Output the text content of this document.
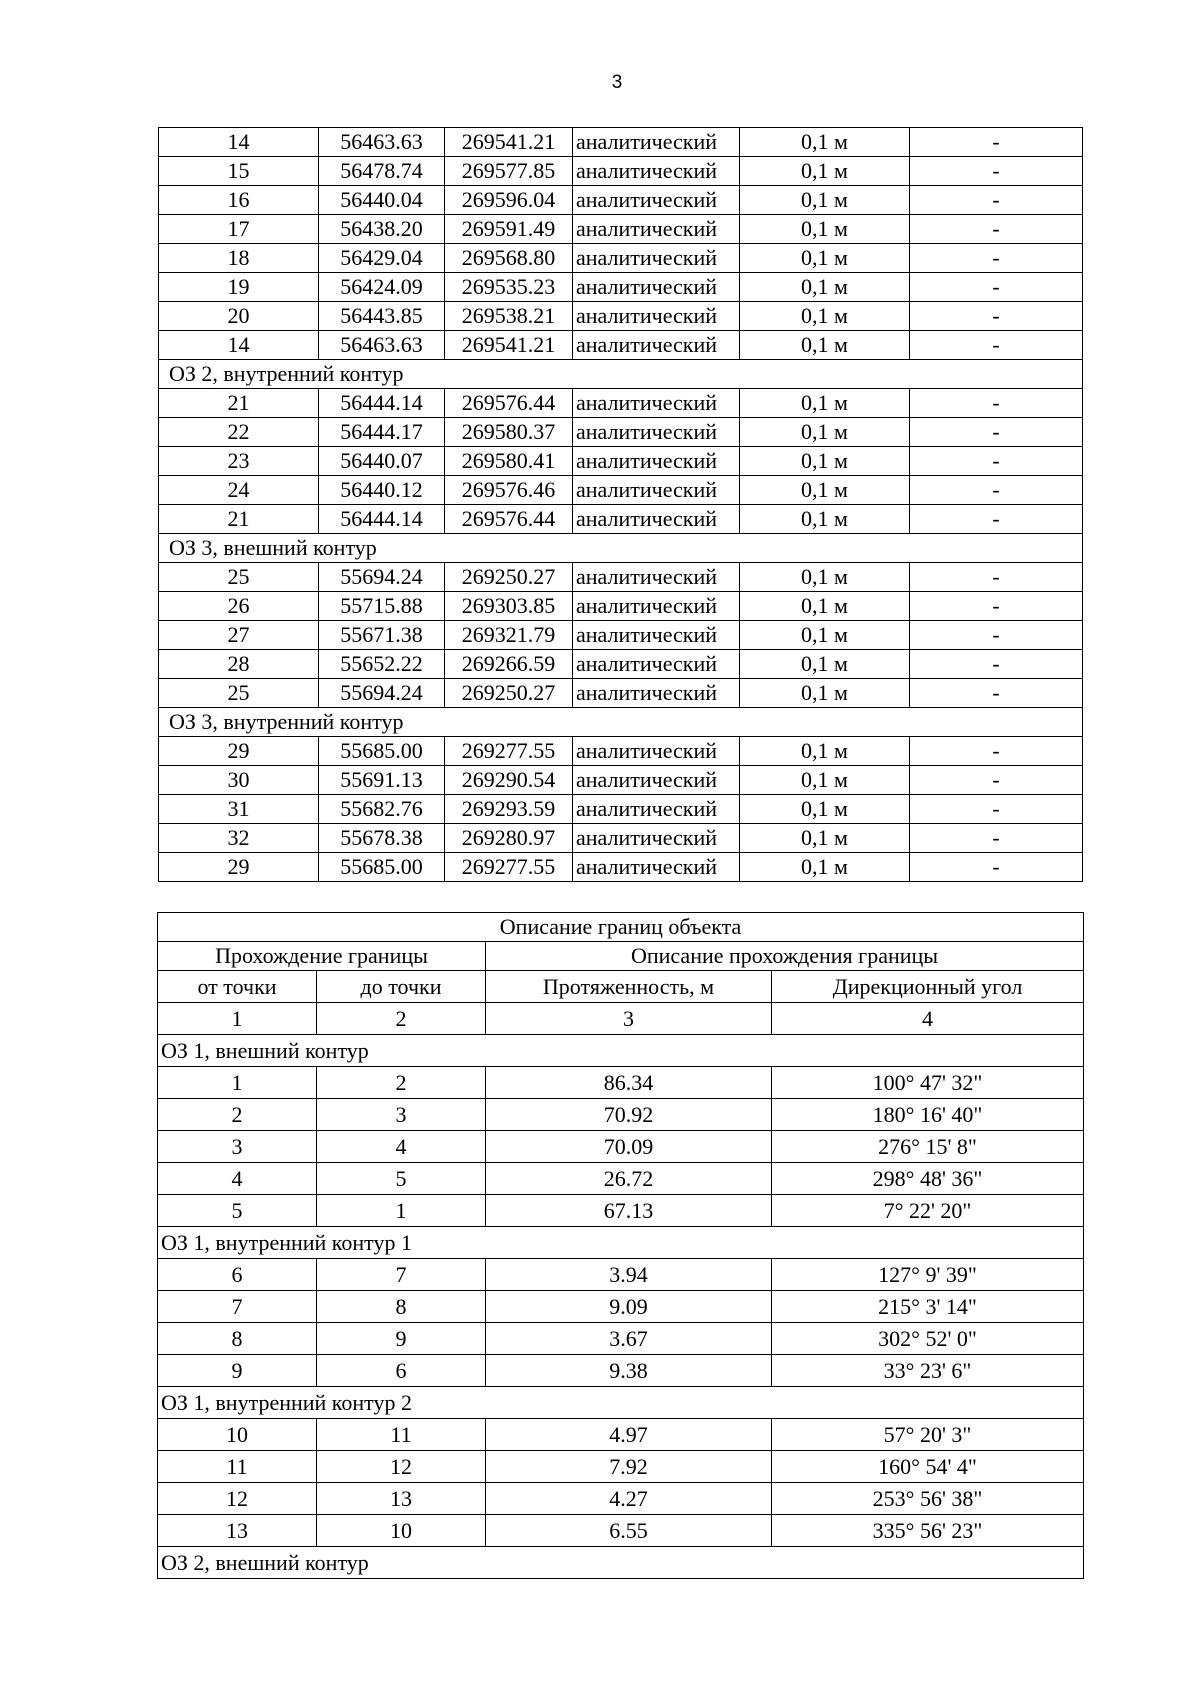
3
14	56463.63	269541.21	аналитический	0,1 м	-
15	56478.74	269577.85	аналитический	0,1 м	-
16	56440.04	269596.04	аналитический	0,1 м	-
17	56438.20	269591.49	аналитический	0,1 м	-
18	56429.04	269568.80	аналитический	0,1 м	-
19	56424.09	269535.23	аналитический	0,1 м	-
20	56443.85	269538.21	аналитический	0,1 м	-
14	56463.63	269541.21	аналитический	0,1 м	-
ОЗ 2, внутренний контур					
21	56444.14	269576.44	аналитический	0,1 м	-
22	56444.17	269580.37	аналитический	0,1 м	-
23	56440.07	269580.41	аналитический	0,1 м	-
24	56440.12	269576.46	аналитический	0,1 м	-
21	56444.14	269576.44	аналитический	0,1 м	-
ОЗ 3, внешний контур					
25	55694.24	269250.27	аналитический	0,1 м	-
26	55715.88	269303.85	аналитический	0,1 м	-
27	55671.38	269321.79	аналитический	0,1 м	-
28	55652.22	269266.59	аналитический	0,1 м	-
25	55694.24	269250.27	аналитический	0,1 м	-
ОЗ 3, внутренний контур					
29	55685.00	269277.55	аналитический	0,1 м	-
30	55691.13	269290.54	аналитический	0,1 м	-
31	55682.76	269293.59	аналитический	0,1 м	-
32	55678.38	269280.97	аналитический	0,1 м	-
29	55685.00	269277.55	аналитический	0,1 м	-
Описание границ объекта			
Прохождение границы		Описание прохождения границы	
от точки	до точки	Протяженность, м	Дирекционный угол
1	2	3	4
ОЗ 1, внешний контур			
1	2	86.34	100° 47' 32"
2	3	70.92	180° 16' 40"
3	4	70.09	276° 15' 8"
4	5	26.72	298° 48' 36"
5	1	67.13	7° 22' 20"
ОЗ 1, внутренний контур 1			
6	7	3.94	127° 9' 39"
7	8	9.09	215° 3' 14"
8	9	3.67	302° 52' 0"
9	6	9.38	33° 23' 6"
ОЗ 1, внутренний контур 2			
10	11	4.97	57° 20' 3"
11	12	7.92	160° 54' 4"
12	13	4.27	253° 56' 38"
13	10	6.55	335° 56' 23"
ОЗ 2, внешний контур			
